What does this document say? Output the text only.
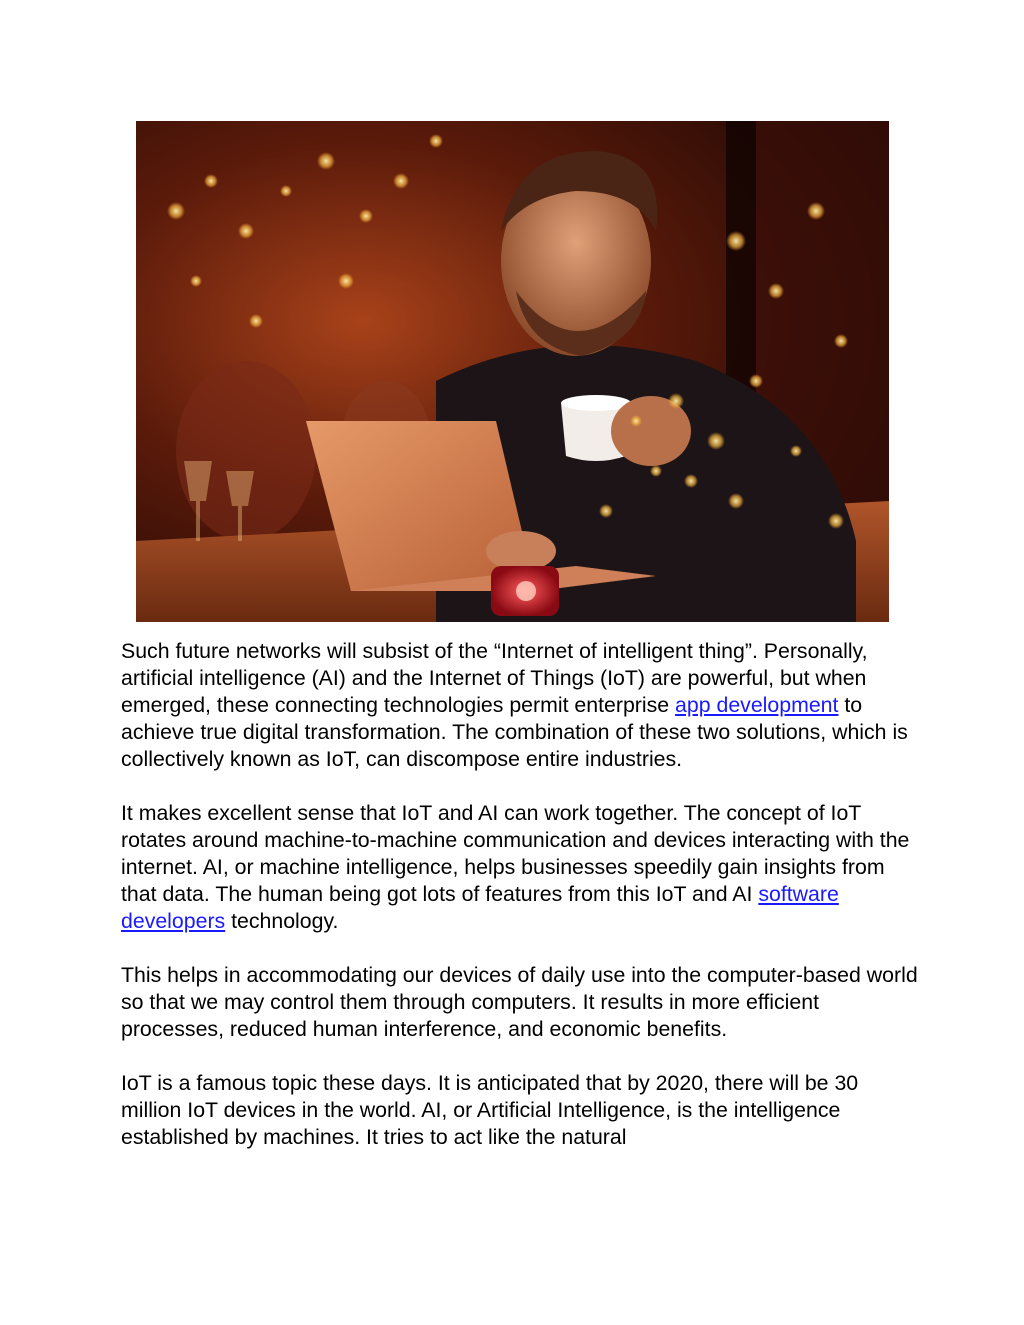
Such future networks will subsist of the “Internet of intelligent thing”. Personally, artificial intelligence (AI) and the Internet of Things (IoT) are powerful, but when emerged, these connecting technologies permit enterprise app development to achieve true digital transformation. The combination of these two solutions, which is collectively known as IoT, can discompose entire industries.

It makes excellent sense that IoT and AI can work together. The concept of IoT rotates around machine-to-machine communication and devices interacting with the internet. AI, or machine intelligence, helps businesses speedily gain insights from that data. The human being got lots of features from this IoT and AI software developers technology.

This helps in accommodating our devices of daily use into the computer-based world so that we may control them through computers. It results in more efficient processes, reduced human interference, and economic benefits.

IoT is a famous topic these days. It is anticipated that by 2020, there will be 30 million IoT devices in the world. AI, or Artificial Intelligence, is the intelligence established by machines. It tries to act like the natural
